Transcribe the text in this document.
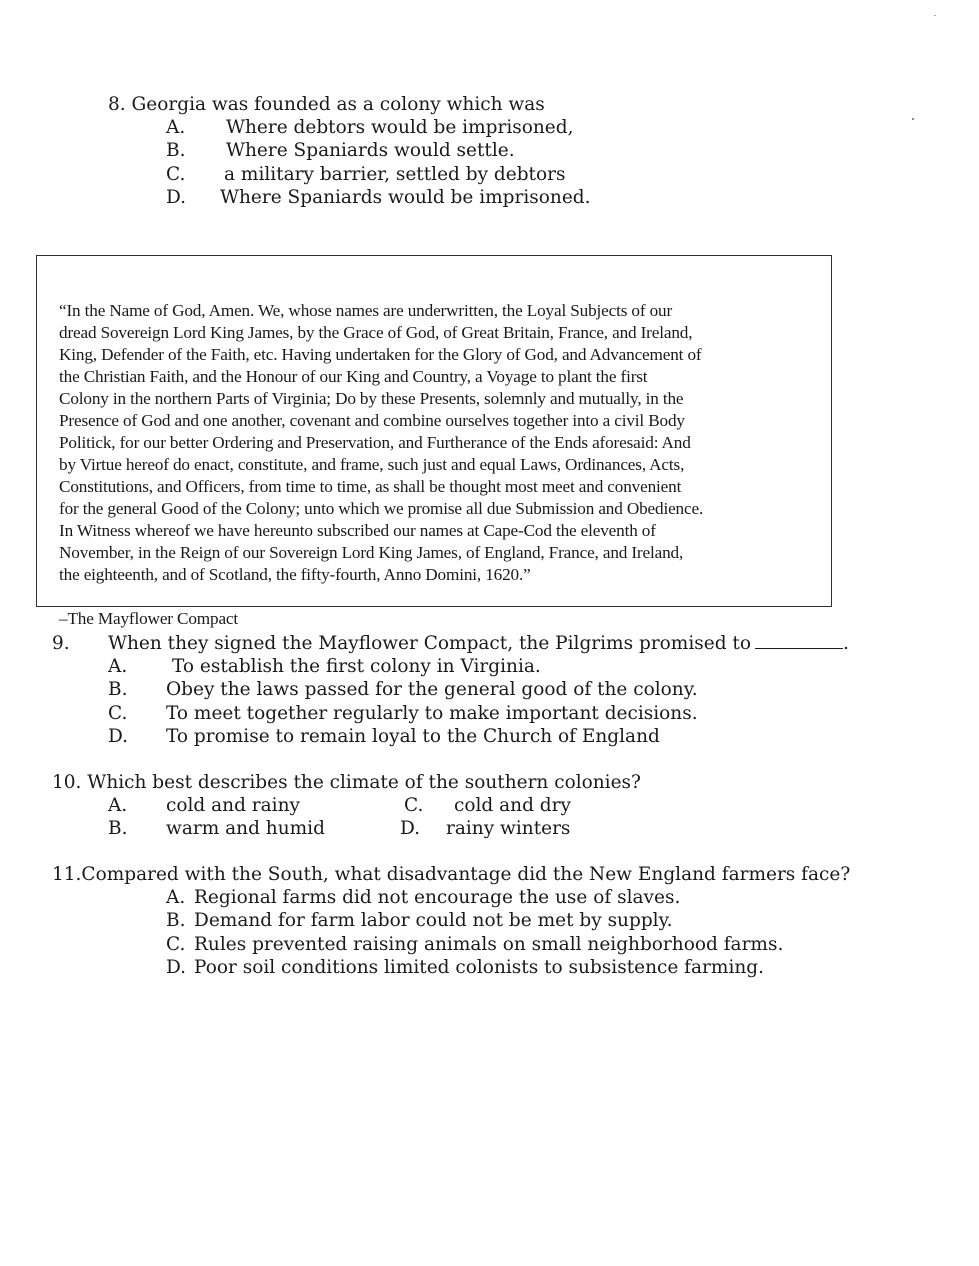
8. Georgia was founded as a colony which was
A. Where debtors would be imprisoned,
B. Where Spaniards would settle.
C. a military barrier, settled by debtors
D. Where Spaniards would be imprisoned.

“In the Name of God, Amen. We, whose names are underwritten, the Loyal Subjects of our
dread Sovereign Lord King James, by the Grace of God, of Great Britain, France, and Ireland,
King, Defender of the Faith, etc. Having undertaken for the Glory of God, and Advancement of
the Christian Faith, and the Honour of our King and Country, a Voyage to plant the first
Colony in the northern Parts of Virginia; Do by these Presents, solemnly and mutually, in the
Presence of God and one another, covenant and combine ourselves together into a civil Body
Politick, for our better Ordering and Preservation, and Furtherance of the Ends aforesaid: And
by Virtue hereof do enact, constitute, and frame, such just and equal Laws, Ordinances, Acts,
Constitutions, and Officers, from time to time, as shall be thought most meet and convenient
for the general Good of the Colony; unto which we promise all due Submission and Obedience.
In Witness whereof we have hereunto subscribed our names at Cape-Cod the eleventh of
November, in the Reign of our Sovereign Lord King James, of England, France, and Ireland,
the eighteenth, and of Scotland, the fifty-fourth, Anno Domini, 1620.”

–The Mayflower Compact

9. When they signed the Mayflower Compact, the Pilgrims promised to	.
A. To establish the first colony in Virginia.
B. Obey the laws passed for the general good of the colony.
C. To meet together regularly to make important decisions.
D. To promise to remain loyal to the Church of England
10. Which best describes the climate of the southern colonies?
A. cold and rainy	C. cold and dry
B. warm and humid	D. rainy winters
11.Compared with the South, what disadvantage did the New England farmers face?
A. Regional farms did not encourage the use of slaves.
B. Demand for farm labor could not be met by supply.
C. Rules prevented raising animals on small neighborhood farms.
D. Poor soil conditions limited colonists to subsistence farming.
